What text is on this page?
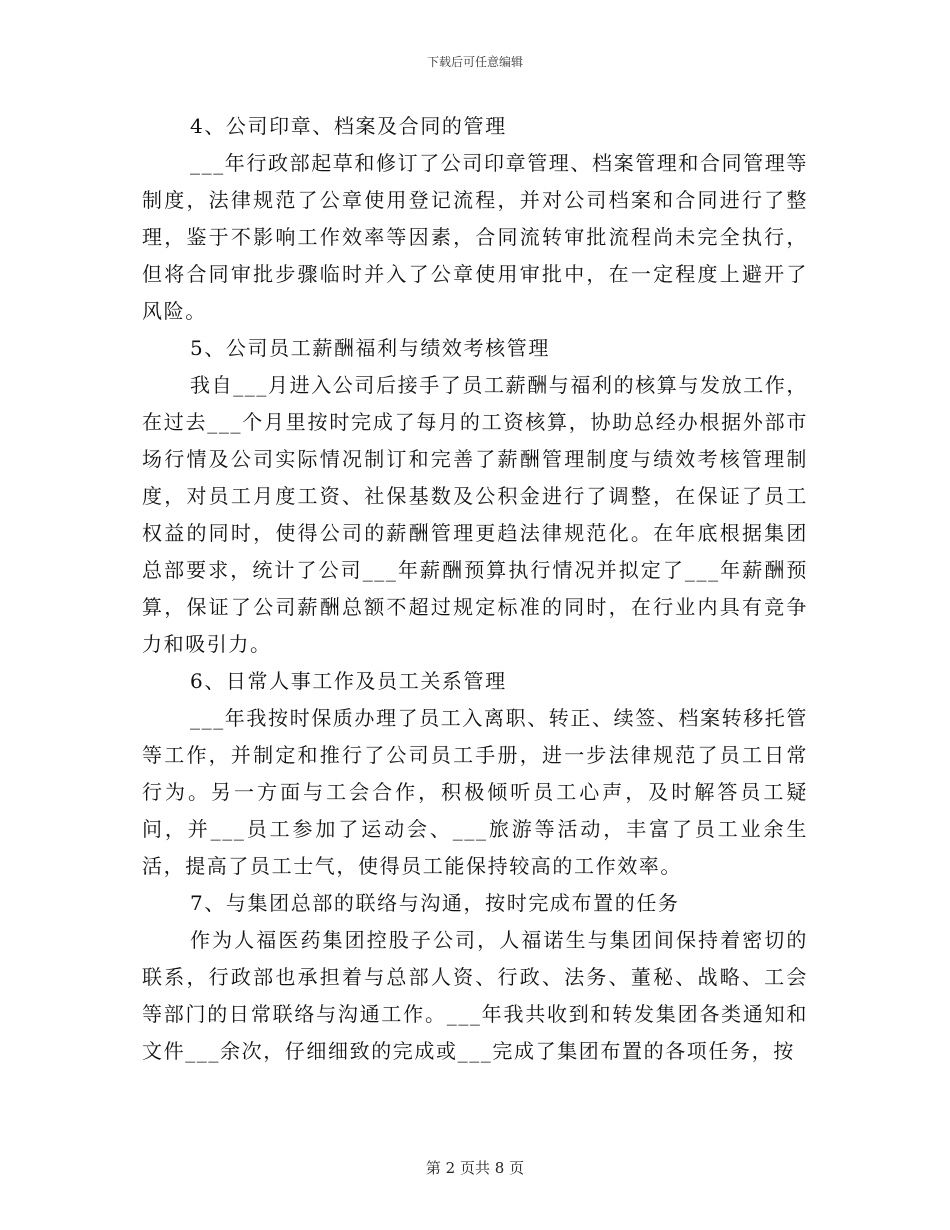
下载后可任意编辑

4、公司印章、档案及合同的管理

___年行政部起草和修订了公司印章管理、档案管理和合同管理等制度，法律规范了公章使用登记流程，并对公司档案和合同进行了整理，鉴于不影响工作效率等因素，合同流转审批流程尚未完全执行，但将合同审批步骤临时并入了公章使用审批中，在一定程度上避开了风险。

5、公司员工薪酬福利与绩效考核管理

我自___月进入公司后接手了员工薪酬与福利的核算与发放工作，在过去___个月里按时完成了每月的工资核算，协助总经办根据外部市场行情及公司实际情况制订和完善了薪酬管理制度与绩效考核管理制度，对员工月度工资、社保基数及公积金进行了调整，在保证了员工权益的同时，使得公司的薪酬管理更趋法律规范化。在年底根据集团总部要求，统计了公司___年薪酬预算执行情况并拟定了___年薪酬预算，保证了公司薪酬总额不超过规定标准的同时，在行业内具有竞争力和吸引力。

6、日常人事工作及员工关系管理

___年我按时保质办理了员工入离职、转正、续签、档案转移托管等工作，并制定和推行了公司员工手册，进一步法律规范了员工日常行为。另一方面与工会合作，积极倾听员工心声，及时解答员工疑问，并___员工参加了运动会、___旅游等活动，丰富了员工业余生活，提高了员工士气，使得员工能保持较高的工作效率。

7、与集团总部的联络与沟通，按时完成布置的任务

作为人福医药集团控股子公司，人福诺生与集团间保持着密切的联系，行政部也承担着与总部人资、行政、法务、董秘、战略、工会等部门的日常联络与沟通工作。___年我共收到和转发集团各类通知和文件___余次，仔细细致的完成或___完成了集团布置的各项任务，按

第 2 页共 8 页
